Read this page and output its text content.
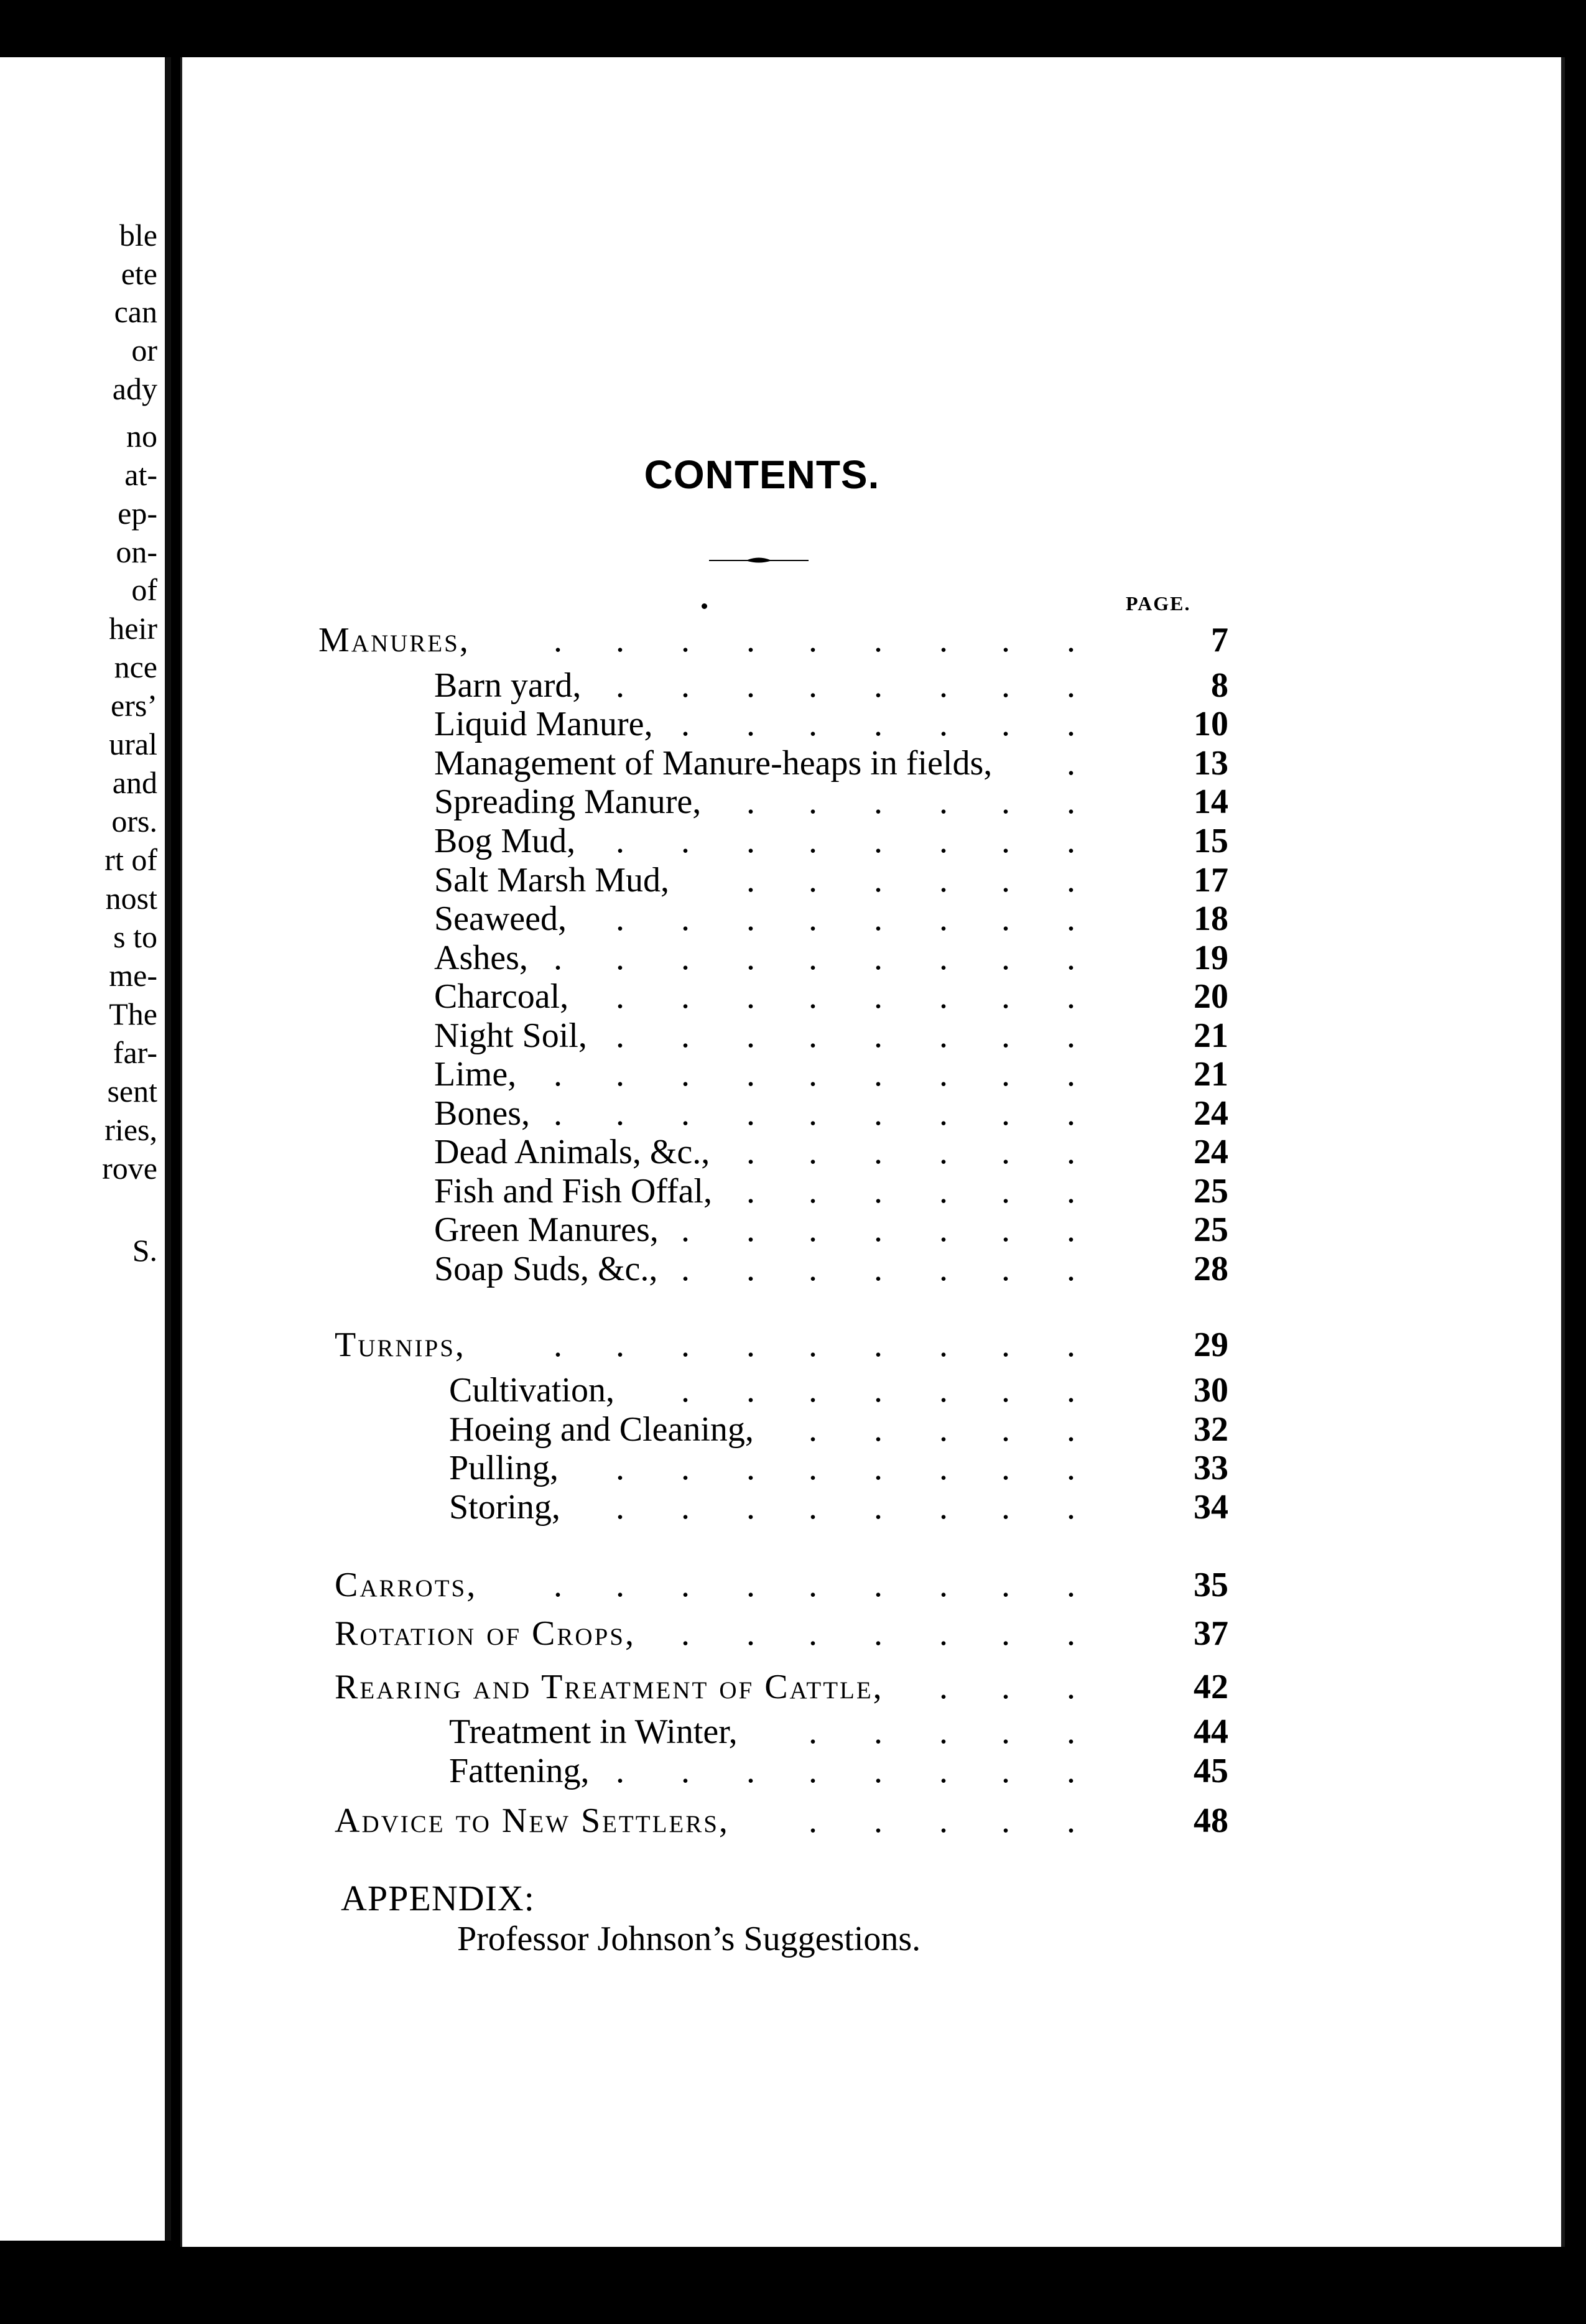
ble
ete
can
or
ady
no
at-
ep-
on-
of
heir
nce
ers’
ural
and
ors.
rt of
nost
s to
me-
The
far-
sent
ries,
rove
S.
CONTENTS.
PAGE.
Manures, . . . . . . . . .	7
Barn yard, . . . . . . . .	8
Liquid Manure, . . . . . . .	10
Management of Manure-heaps in fields, .	13
Spreading Manure, . . . . . .	14
Bog Mud, . . . . . . . .	15
Salt Marsh Mud, . . . . . .	17
Seaweed, . . . . . . . .	18
Ashes, . . . . . . . . .	19
Charcoal, . . . . . . . .	20
Night Soil, . . . . . . . .	21
Lime, . . . . . . . . .	21
Bones, . . . . . . . . .	24
Dead Animals, &c., . . . . . .	24
Fish and Fish Offal, . . . . . .	25
Green Manures, . . . . . . .	25
Soap Suds, &c., . . . . . . .	28
Turnips,	. . . . . . . . .	29
Cultivation, . . . . . . .	30
Hoeing and Cleaning, . . . . .	32
Pulling, . . . . . . . .	33
Storing, . . . . . . . .	34
Carrots, . . . . . . . . .	35
Rotation of Crops, . . . . . . .	37
Rearing and Treatment of Cattle, . . .	42
Treatment in Winter, . . . . .	44
Fattening, . . . . . . . .	45
Advice to New Settlers, . . . . .	48
APPENDIX:
Professor Johnson’s Suggestions.
